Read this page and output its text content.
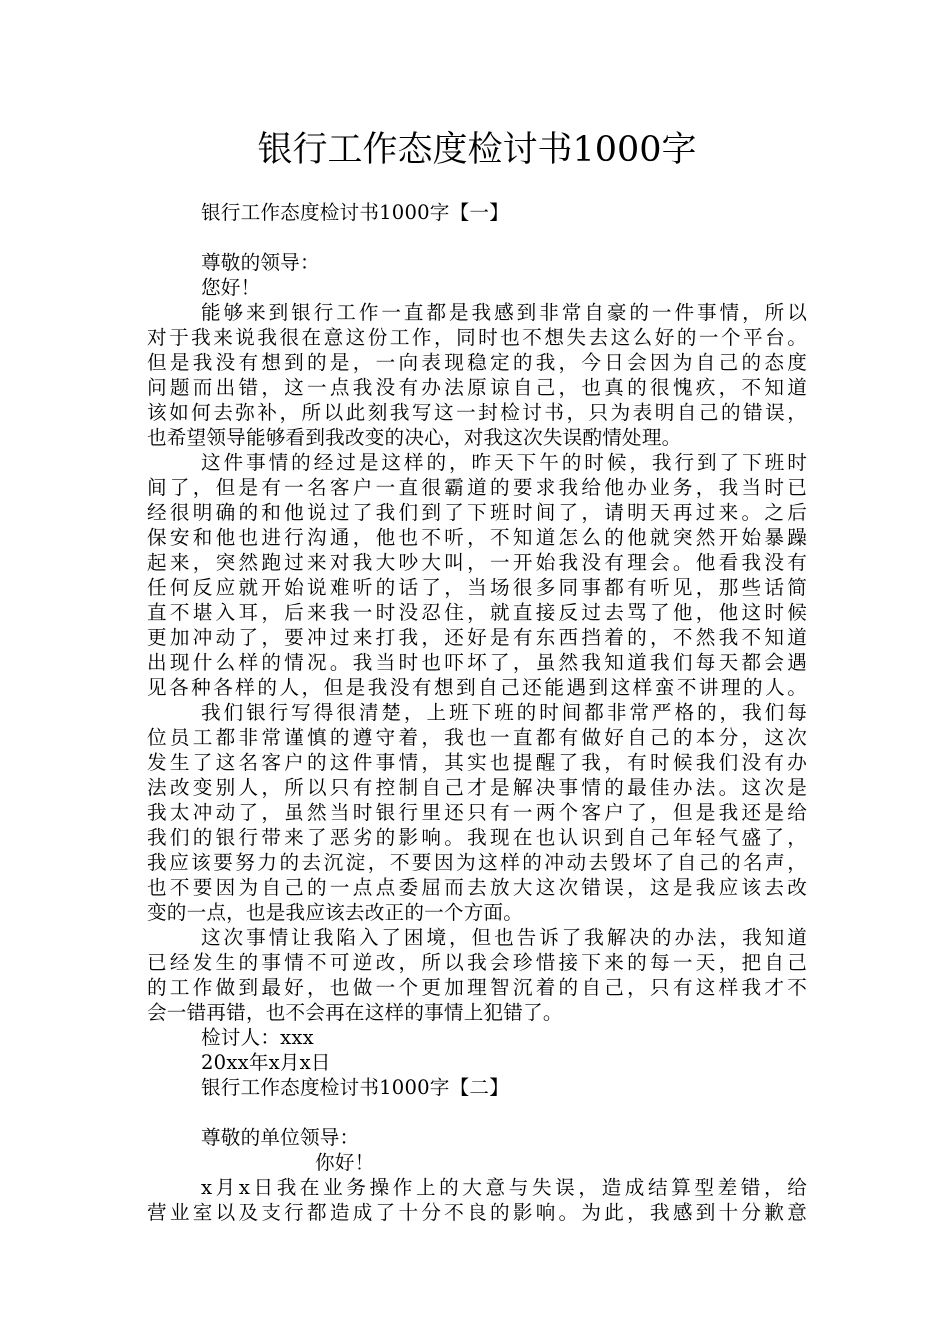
银行工作态度检讨书1000字
银行工作态度检讨书1000字【一】
尊敬的领导：
您好！
能够来到银行工作一直都是我感到非常自豪的一件事情，所以
对于我来说我很在意这份工作，同时也不想失去这么好的一个平台。
但是我没有想到的是，一向表现稳定的我，今日会因为自己的态度
问题而出错，这一点我没有办法原谅自己，也真的很愧疚，不知道
该如何去弥补，所以此刻我写这一封检讨书，只为表明自己的错误，
也希望领导能够看到我改变的决心，对我这次失误酌情处理。
这件事情的经过是这样的，昨天下午的时候，我行到了下班时
间了，但是有一名客户一直很霸道的要求我给他办业务，我当时已
经很明确的和他说过了我们到了下班时间了，请明天再过来。之后
保安和他也进行沟通，他也不听，不知道怎么的他就突然开始暴躁
起来，突然跑过来对我大吵大叫，一开始我没有理会。他看我没有
任何反应就开始说难听的话了，当场很多同事都有听见，那些话简
直不堪入耳，后来我一时没忍住，就直接反过去骂了他，他这时候
更加冲动了，要冲过来打我，还好是有东西挡着的，不然我不知道
出现什么样的情况。我当时也吓坏了，虽然我知道我们每天都会遇
见各种各样的人，但是我没有想到自己还能遇到这样蛮不讲理的人。
我们银行写得很清楚，上班下班的时间都非常严格的，我们每
位员工都非常谨慎的遵守着，我也一直都有做好自己的本分，这次
发生了这名客户的这件事情，其实也提醒了我，有时候我们没有办
法改变别人，所以只有控制自己才是解决事情的最佳办法。这次是
我太冲动了，虽然当时银行里还只有一两个客户了，但是我还是给
我们的银行带来了恶劣的影响。我现在也认识到自己年轻气盛了，
我应该要努力的去沉淀，不要因为这样的冲动去毁坏了自己的名声，
也不要因为自己的一点点委屈而去放大这次错误，这是我应该去改
变的一点，也是我应该去改正的一个方面。
这次事情让我陷入了困境，但也告诉了我解决的办法，我知道
已经发生的事情不可逆改，所以我会珍惜接下来的每一天，把自己
的工作做到最好，也做一个更加理智沉着的自己，只有这样我才不
会一错再错，也不会再在这样的事情上犯错了。
检讨人：xxx
20xx年x月x日
银行工作态度检讨书1000字【二】
尊敬的单位领导：
你好！
x月x日我在业务操作上的大意与失误，造成结算型差错，给
营业室以及支行都造成了十分不良的影响。为此，我感到十分歉意
